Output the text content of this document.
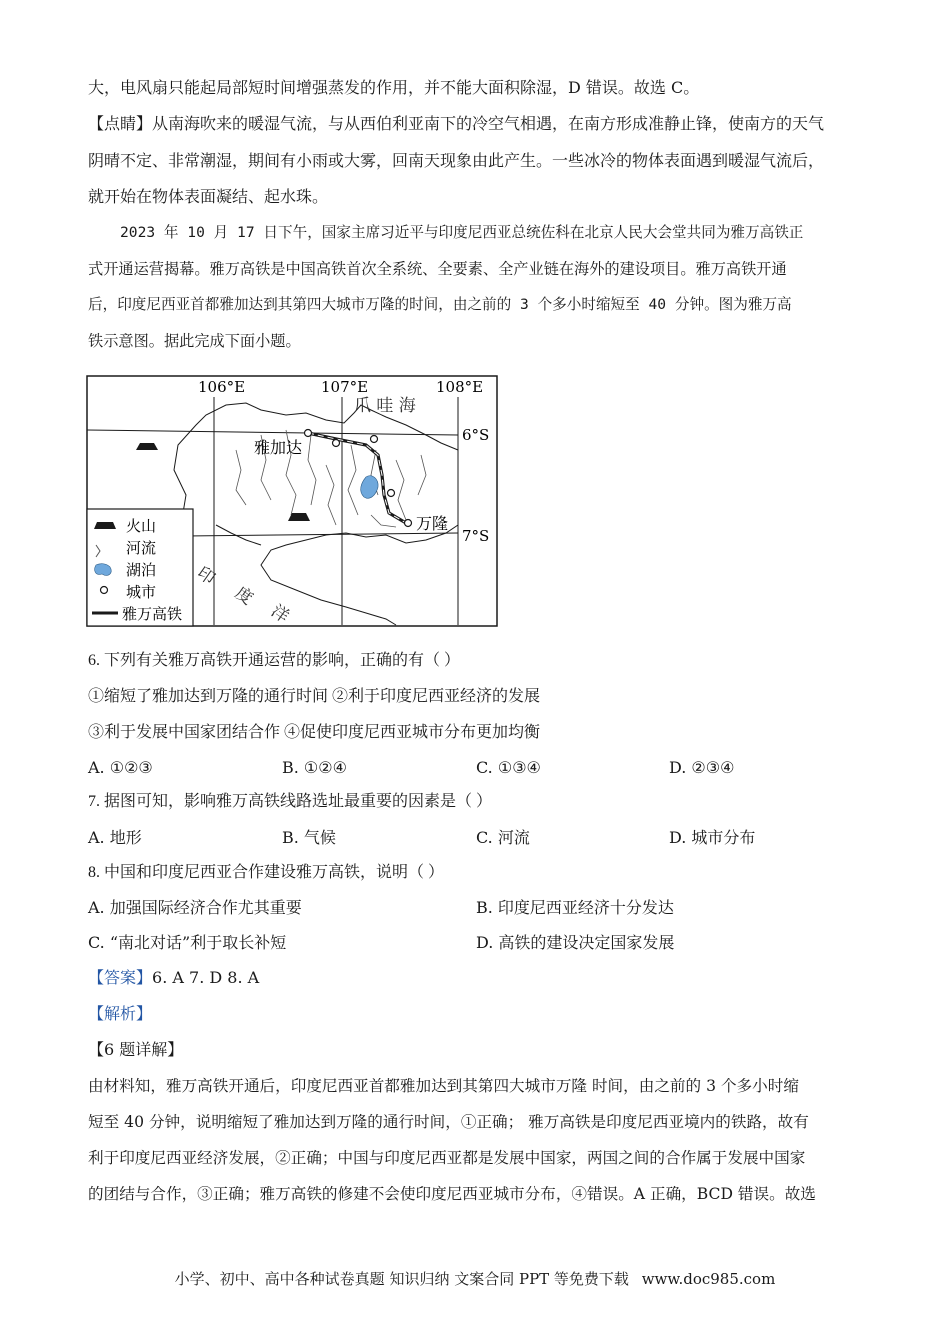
大，电风扇只能起局部短时间增强蒸发的作用，并不能大面积除湿，D 错误。故选 C。
【点睛】从南海吹来的暖湿气流，与从西伯利亚南下的冷空气相遇，在南方形成准静止锋，使南方的天气
阴晴不定、非常潮湿，期间有小雨或大雾，回南天现象由此产生。一些冰冷的物体表面遇到暖湿气流后，
就开始在物体表面凝结、起水珠。
2023 年 10 月 17 日下午，国家主席习近平与印度尼西亚总统佐科在北京人民大会堂共同为雅万高铁正
式开通运营揭幕。雅万高铁是中国高铁首次全系统、全要素、全产业链在海外的建设项目。雅万高铁开通
后，印度尼西亚首都雅加达到其第四大城市万隆的时间，由之前的 3 个多小时缩短至 40 分钟。图为雅万高
铁示意图。据此完成下面小题。
106°E	107°E	108°E
6°S
7°S
爪 哇 海
雅加达
万隆
印
度
洋
火山
河流
湖泊
城市
雅万高铁
6. 下列有关雅万高铁开通运营的影响，正确的有（ ）
①缩短了雅加达到万隆的通行时间 ②利于印度尼西亚经济的发展
③利于发展中国家团结合作 ④促使印度尼西亚城市分布更加均衡
A. ①②③	B. ①②④	C. ①③④	D. ②③④
7. 据图可知，影响雅万高铁线路选址最重要的因素是（ ）
A. 地形	B. 气候	C. 河流	D. 城市分布
8. 中国和印度尼西亚合作建设雅万高铁，说明（ ）
A. 加强国际经济合作尤其重要	B. 印度尼西亚经济十分发达
C. “南北对话”利于取长补短	D. 高铁的建设决定国家发展
【答案】6. A 7. D 8. A
【解析】
【6 题详解】
由材料知，雅万高铁开通后，印度尼西亚首都雅加达到其第四大城市万隆 时间，由之前的 3 个多小时缩
短至 40 分钟，说明缩短了雅加达到万隆的通行时间，①正确； 雅万高铁是印度尼西亚境内的铁路，故有
利于印度尼西亚经济发展，②正确；中国与印度尼西亚都是发展中国家，两国之间的合作属于发展中国家
的团结与合作，③正确；雅万高铁的修建不会使印度尼西亚城市分布，④错误。A 正确，BCD 错误。故选
小学、初中、高中各种试卷真题 知识归纳 文案合同 PPT 等免费下载 www.doc985.com
